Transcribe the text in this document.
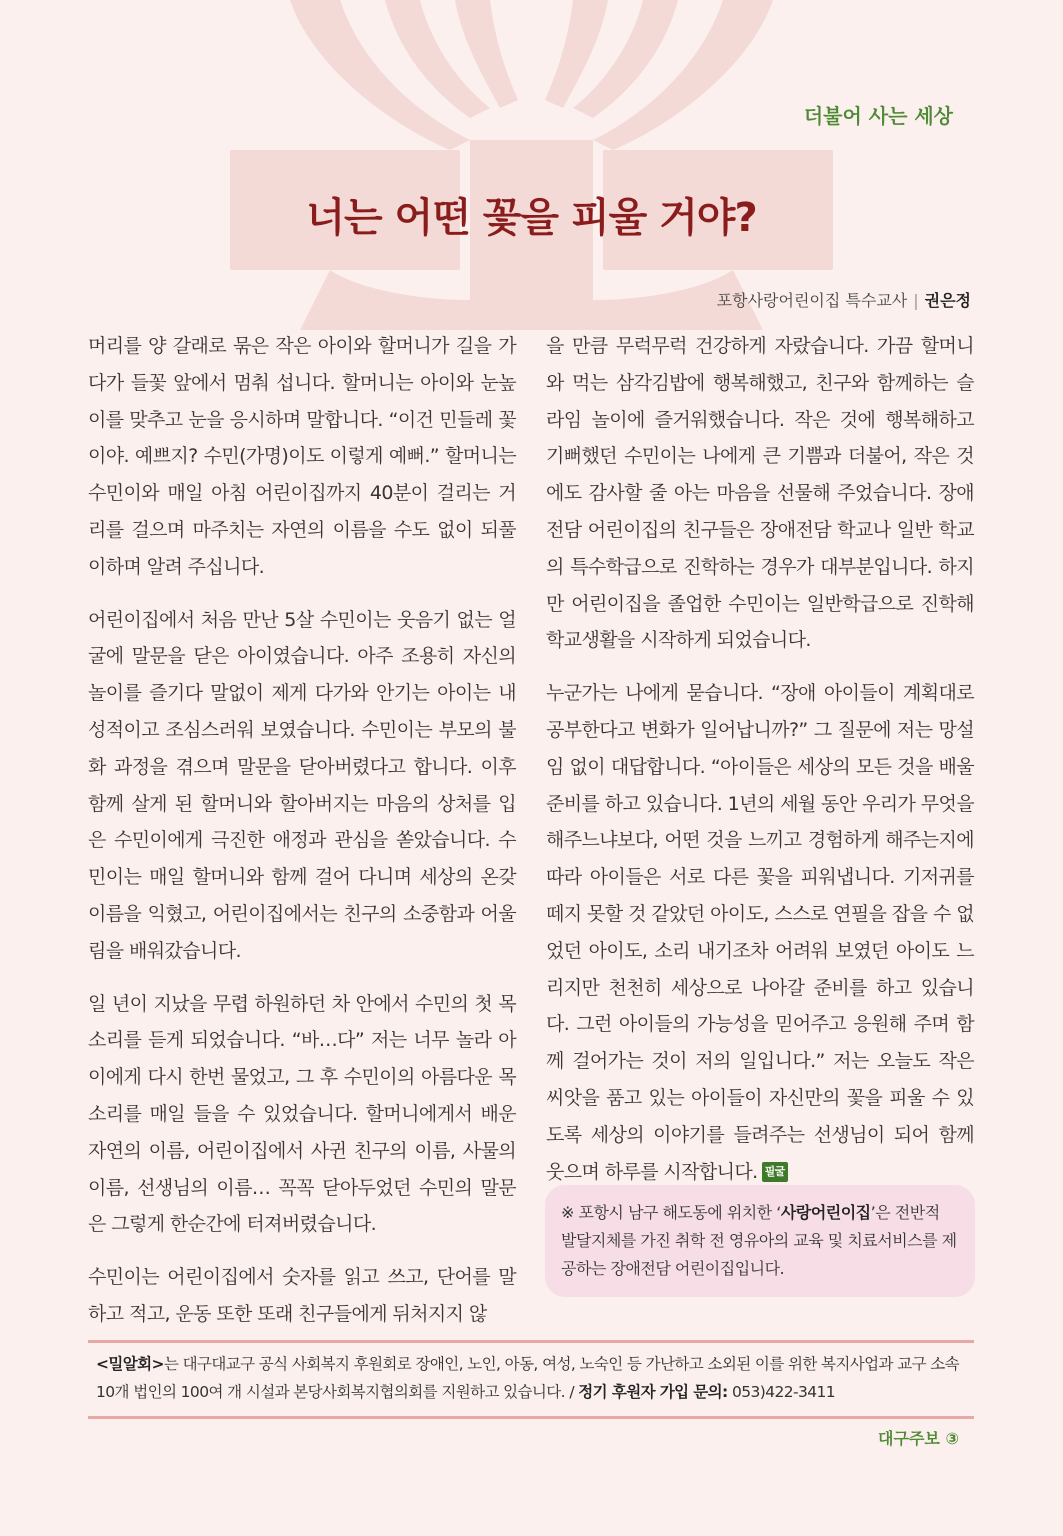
더불어 사는 세상
너는 어떤 꽃을 피울 거야?
포항사랑어린이집 특수교사 | 권은정

머리를 양 갈래로 묶은 작은 아이와 할머니가 길을 가다가 들꽃 앞에서 멈춰 섭니다. 할머니는 아이와 눈높이를 맞추고 눈을 응시하며 말합니다. “이건 민들레 꽃이야. 예쁘지? 수민(가명)이도 이렇게 예뻐.” 할머니는 수민이와 매일 아침 어린이집까지 40분이 걸리는 거리를 걸으며 마주치는 자연의 이름을 수도 없이 되풀이하며 알려 주십니다.

어린이집에서 처음 만난 5살 수민이는 웃음기 없는 얼굴에 말문을 닫은 아이였습니다. 아주 조용히 자신의 놀이를 즐기다 말없이 제게 다가와 안기는 아이는 내성적이고 조심스러워 보였습니다. 수민이는 부모의 불화 과정을 겪으며 말문을 닫아버렸다고 합니다. 이후 함께 살게 된 할머니와 할아버지는 마음의 상처를 입은 수민이에게 극진한 애정과 관심을 쏟았습니다. 수민이는 매일 할머니와 함께 걸어 다니며 세상의 온갖 이름을 익혔고, 어린이집에서는 친구의 소중함과 어울림을 배워갔습니다.

일 년이 지났을 무렵 하원하던 차 안에서 수민의 첫 목소리를 듣게 되었습니다. “바…다” 저는 너무 놀라 아이에게 다시 한번 물었고, 그 후 수민이의 아름다운 목소리를 매일 들을 수 있었습니다. 할머니에게서 배운 자연의 이름, 어린이집에서 사귄 친구의 이름, 사물의 이름, 선생님의 이름… 꼭꼭 닫아두었던 수민의 말문은 그렇게 한순간에 터져버렸습니다.

수민이는 어린이집에서 숫자를 읽고 쓰고, 단어를 말하고 적고, 운동 또한 또래 친구들에게 뒤처지지 않

을 만큼 무럭무럭 건강하게 자랐습니다. 가끔 할머니와 먹는 삼각김밥에 행복해했고, 친구와 함께하는 슬라임 놀이에 즐거워했습니다. 작은 것에 행복해하고 기뻐했던 수민이는 나에게 큰 기쁨과 더불어, 작은 것에도 감사할 줄 아는 마음을 선물해 주었습니다. 장애전담 어린이집의 친구들은 장애전담 학교나 일반 학교의 특수학급으로 진학하는 경우가 대부분입니다. 하지만 어린이집을 졸업한 수민이는 일반학급으로 진학해 학교생활을 시작하게 되었습니다.

누군가는 나에게 묻습니다. “장애 아이들이 계획대로 공부한다고 변화가 일어납니까?” 그 질문에 저는 망설임 없이 대답합니다. “아이들은 세상의 모든 것을 배울 준비를 하고 있습니다. 1년의 세월 동안 우리가 무엇을 해주느냐보다, 어떤 것을 느끼고 경험하게 해주는지에 따라 아이들은 서로 다른 꽃을 피워냅니다. 기저귀를 떼지 못할 것 같았던 아이도, 스스로 연필을 잡을 수 없었던 아이도, 소리 내기조차 어려워 보였던 아이도 느리지만 천천히 세상으로 나아갈 준비를 하고 있습니다. 그런 아이들의 가능성을 믿어주고 응원해 주며 함께 걸어가는 것이 저의 일입니다.” 저는 오늘도 작은 씨앗을 품고 있는 아이들이 자신만의 꽃을 피울 수 있도록 세상의 이야기를 들려주는 선생님이 되어 함께 웃으며 하루를 시작합니다. 필굴

※ 포항시 남구 해도동에 위치한 ‘사랑어린이집’은 전반적 발달지체를 가진 취학 전 영유아의 교육 및 치료서비스를 제공하는 장애전담 어린이집입니다.
<밀알회>는 대구대교구 공식 사회복지 후원회로 장애인, 노인, 아동, 여성, 노숙인 등 가난하고 소외된 이를 위한 복지사업과 교구 소속 10개 법인의 100여 개 시설과 본당사회복지협의회를 지원하고 있습니다. / 정기 후원자 가입 문의: 053)422-3411
대구주보 ③
